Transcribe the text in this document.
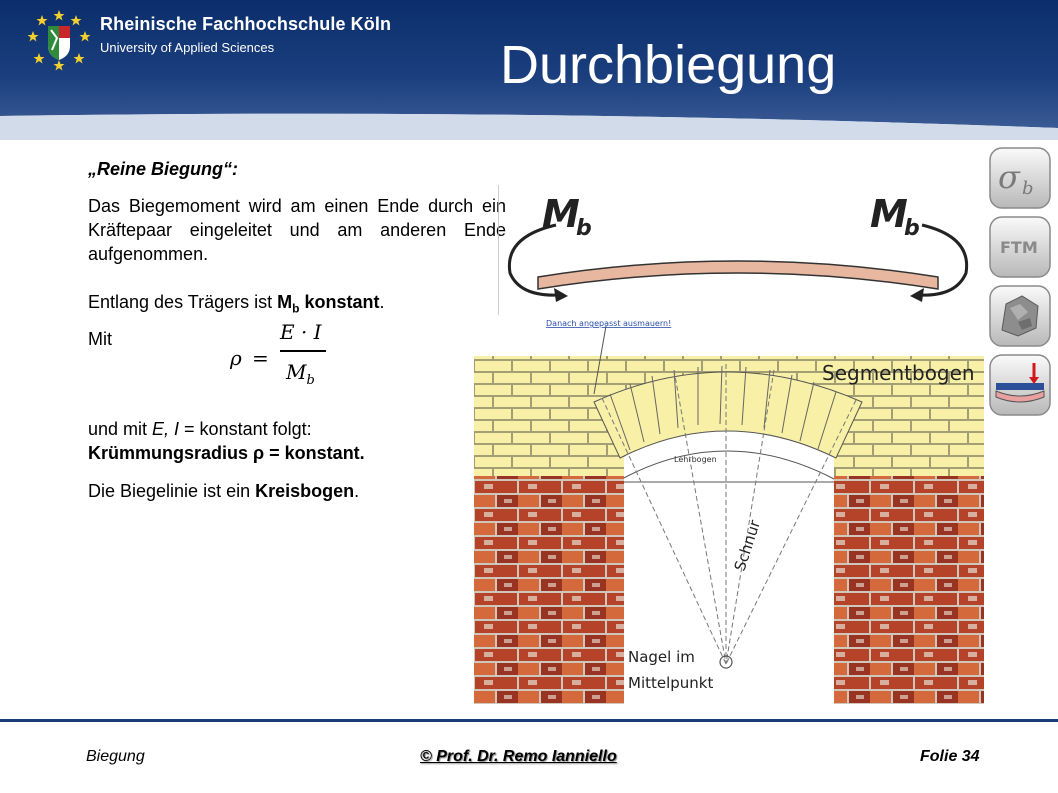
Rheinische Fachhochschule Köln
University of Applied Sciences	Durchbiegung
„Reine Biegung“:
Das Biegemoment wird am einen Ende durch ein Kräftepaar eingeleitet und am anderen Ende aufgenommen.
Entlang des Trägers ist $M_b$ konstant.
Mit
ρ =
E · I
$M_b$
und mit E, I = konstant folgt:
Krümmungsradius ρ = konstant.
Die Biegelinie ist ein Kreisbogen.
M
b	M
b
Lehrbogen
Danach angepasst ausmauern!
Segmentbogen
Schnur
Nagel im
Mittelpunkt
σ b
FTM
Biegung	© Prof. Dr. Remo Ianniello	Folie 34
